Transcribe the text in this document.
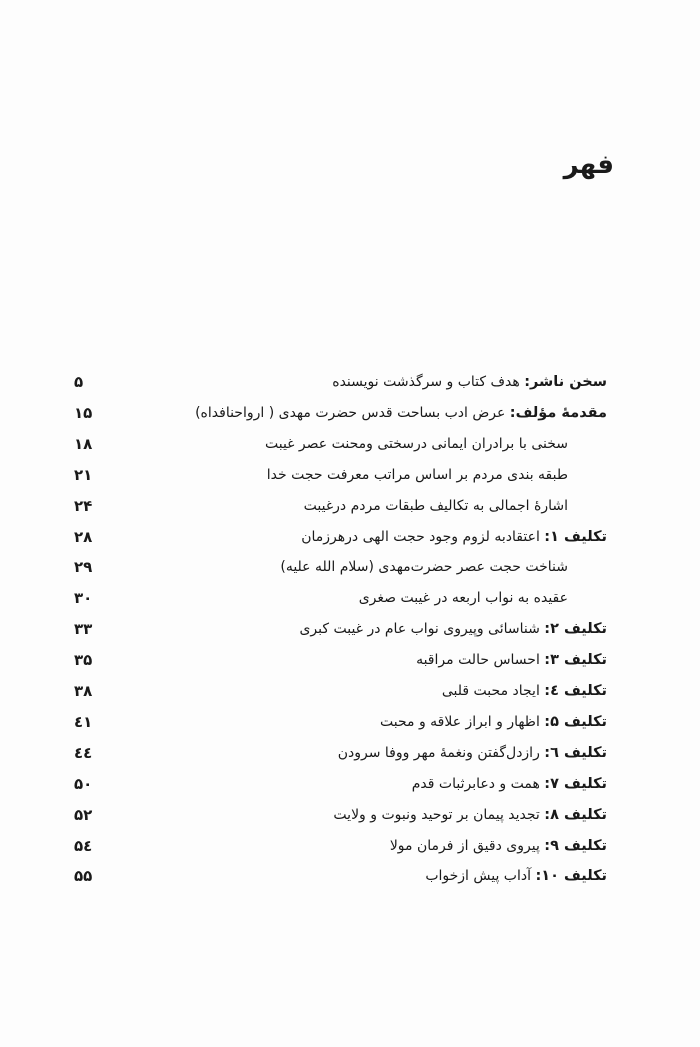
فهر
سخن ناشر: هدف کتاب و سرگذشت نویسنده
۵
مقدمهٔ مؤلف: عرض ادب بساحت قدس حضرت مهدی ( ارواحنافداه)
۱۵
سخنی با برادران ایمانی درسختی ومحنت عصر غیبت
۱۸
طبقه بندی مردم بر اساس مراتب معرفت حجت خدا
۲۱
اشارهٔ اجمالی به تکالیف طبقات مردم درغیبت
۲۴
تکلیف ۱: اعتقادبه لزوم وجود حجت الهی درهرزمان
۲۸
شناخت حجت عصر حضرت‌مهدی (سلام الله علیه)
۲۹
عقیده به نواب اربعه در غیبت صغری
۳۰
تکلیف ۲: شناسائی وپیروی نواب عام در غیبت کبری
۳۳
تکلیف ۳: احساس حالت مراقبه
۳۵
تکلیف ٤: ایجاد محبت قلبی
۳۸
تکلیف ۵: اظهار و ابراز علاقه و محبت
٤۱
تکلیف ٦: رازدل‌گفتن ونغمهٔ مهر ووفا سرودن
٤٤
تکلیف ۷: همت و دعابرثبات قدم
۵۰
تکلیف ۸: تجدید پیمان بر توحید ونبوت و ولایت
۵۲
تکلیف ۹: پیروی دقیق از فرمان مولا
۵٤
تکلیف ۱۰: آداب پیش ازخواب
۵۵
